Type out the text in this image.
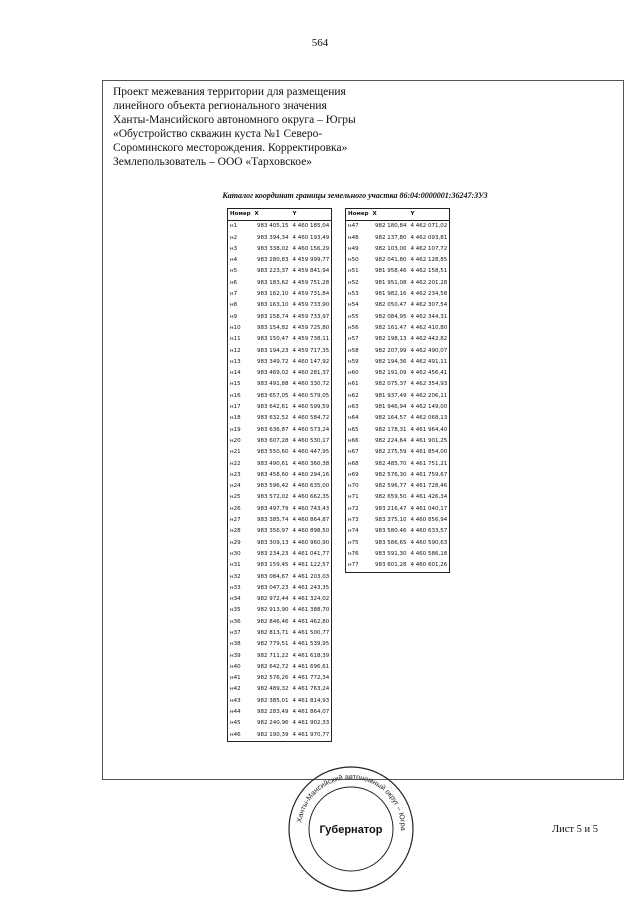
564
Проект межевания территории для размещения
линейного объекта регионального значения
Ханты-Мансийского автономного округа – Югры
«Обустройство скважин куста №1 Северо-
Сороминского месторождения. Корректировка»
Землепользователь – ООО «Тарховское»
Каталог координат границы земельного участка 86:04:0000001:36247:ЗУ3
Номер	X	Y
н1	983 405,15	4 460 185,04
н2	983 394,34	4 460 193,49
н3	983 338,02	4 460 156,29
н4	983 280,83	4 459 999,77
н5	983 223,37	4 459 841,94
н6	983 183,62	4 459 751,28
н7	983 162,10	4 459 731,84
н8	983 163,10	4 459 733,90
н9	983 158,74	4 459 733,97
н10	983 154,82	4 459 725,80
н11	983 150,47	4 459 738,11
н12	983 194,23	4 459 717,35
н13	983 349,72	4 460 147,92
н14	983 469,02	4 460 281,37
н15	983 491,88	4 460 330,72
н16	983 657,05	4 460 579,05
н17	983 642,61	4 460 599,59
н18	983 632,52	4 460 584,72
н19	983 636,87	4 460 573,24
н20	983 607,28	4 460 530,17
н21	983 550,60	4 460 447,95
н22	983 490,61	4 460 360,38
н23	983 458,60	4 460 294,16
н24	983 596,42	4 460 635,00
н25	983 572,02	4 460 662,35
н26	983 497,79	4 460 743,43
н27	983 385,74	4 460 864,87
н28	983 356,97	4 460 898,50
н29	983 309,13	4 460 960,90
н30	983 234,23	4 461 041,77
н31	983 159,45	4 461 122,57
н32	983 084,67	4 461 203,03
н33	983 047,23	4 461 243,35
н34	982 972,44	4 461 324,02
н35	982 913,90	4 461 388,70
н36	982 846,46	4 461 462,80
н37	982 813,71	4 461 500,77
н38	982 779,51	4 461 539,95
н39	982 711,22	4 461 618,39
н40	982 642,72	4 461 696,61
н41	982 576,26	4 461 772,34
н42	982 489,32	4 461 763,24
н43	982 385,01	4 461 814,93
н44	982 283,49	4 461 864,07
н45	982 240,96	4 461 902,33
н46	982 190,39	4 461 970,77
Номер	X	Y
н47	982 180,84	4 462 071,02
н48	982 137,80	4 462 093,81
н49	982 103,00	4 462 107,72
н50	982 041,80	4 462 128,85
н51	981 958,46	4 462 158,51
н52	981 951,08	4 462 201,28
н53	981 982,16	4 462 234,58
н54	982 050,47	4 462 307,54
н55	982 084,95	4 462 344,31
н56	982 161,47	4 462 410,80
н57	982 198,13	4 462 442,82
н58	982 207,99	4 462 490,07
н59	982 194,36	4 462 491,11
н60	982 191,09	4 462 456,41
н61	982 075,37	4 462 354,93
н62	981 937,49	4 462 206,11
н63	981 946,94	4 462 149,00
н64	982 164,57	4 462 068,13
н65	982 178,31	4 461 964,40
н66	982 224,64	4 461 901,25
н67	982 275,59	4 461 854,00
н68	982 485,70	4 461 751,21
н69	982 576,30	4 461 759,67
н70	982 596,77	4 461 728,46
н71	982 659,50	4 461 426,34
н72	983 216,47	4 461 040,17
н73	983 375,10	4 460 856,94
н74	983 580,46	4 460 633,57
н75	983 586,65	4 460 590,63
н76	983 591,30	4 460 586,18
н77	983 601,28	4 460 601,26
Лист 5 и 5
Ханты-Мансийский автономный округ – Югра
Губернатор
